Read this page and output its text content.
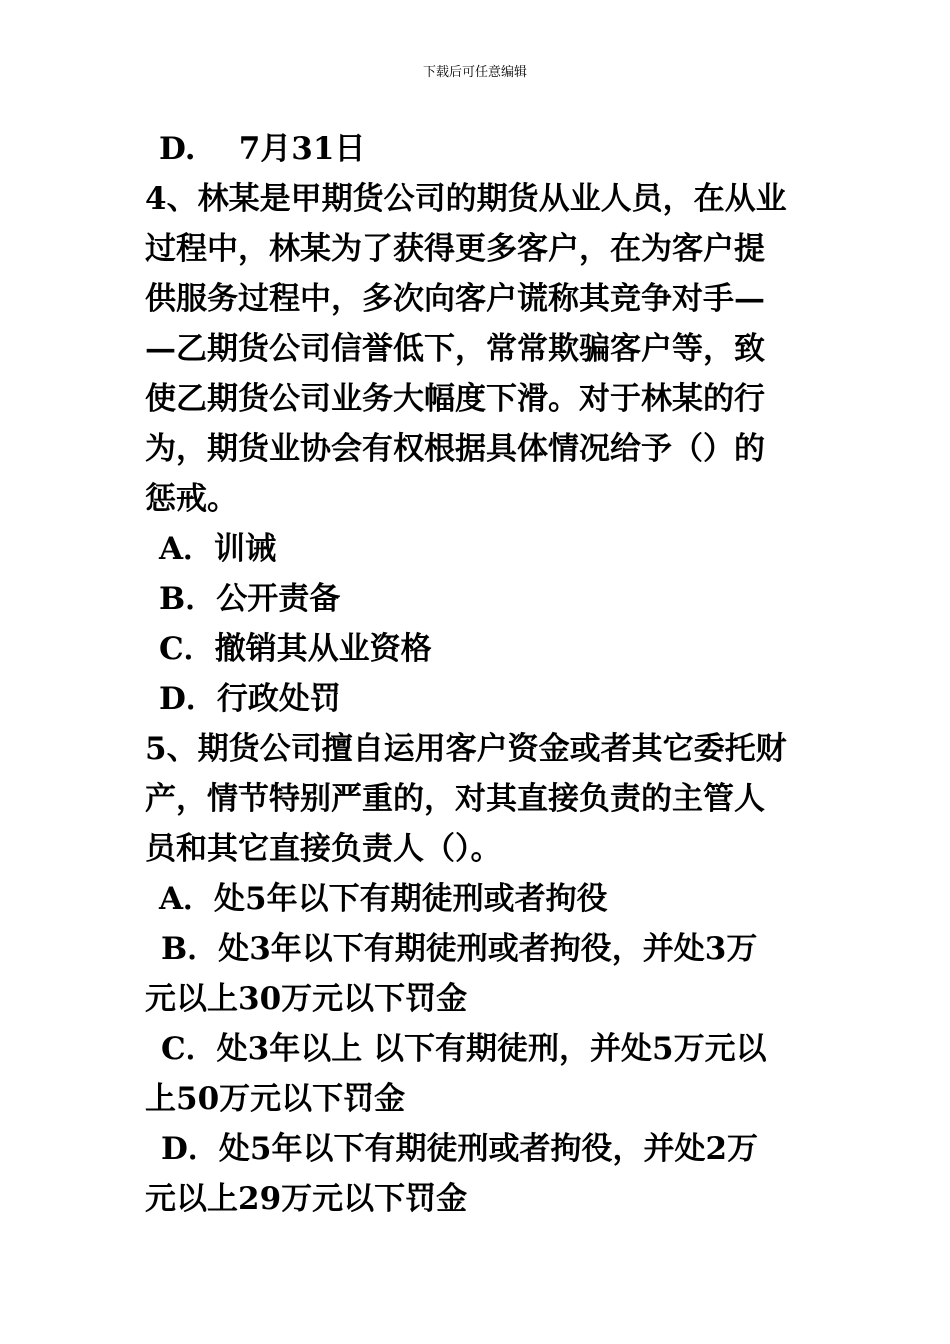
下载后可任意编辑
D.    7月31日
4、林某是甲期货公司的期货从业人员，在从业
过程中，林某为了获得更多客户，在为客户提
供服务过程中，多次向客户谎称其竞争对手—
—乙期货公司信誉低下，常常欺骗客户等，致
使乙期货公司业务大幅度下滑。对于林某的行
为，期货业协会有权根据具体情况给予（）的
惩戒。
A．训诫
B．公开责备
C．撤销其从业资格
D．行政处罚
5、期货公司擅自运用客户资金或者其它委托财
产，情节特别严重的，对其直接负责的主管人
员和其它直接负责人（）。
A．处5年以下有期徒刑或者拘役
B．处3年以下有期徒刑或者拘役，并处3万
元以上30万元以下罚金
C．处3年以上 以下有期徒刑，并处5万元以
上50万元以下罚金
D．处5年以下有期徒刑或者拘役，并处2万
元以上29万元以下罚金
